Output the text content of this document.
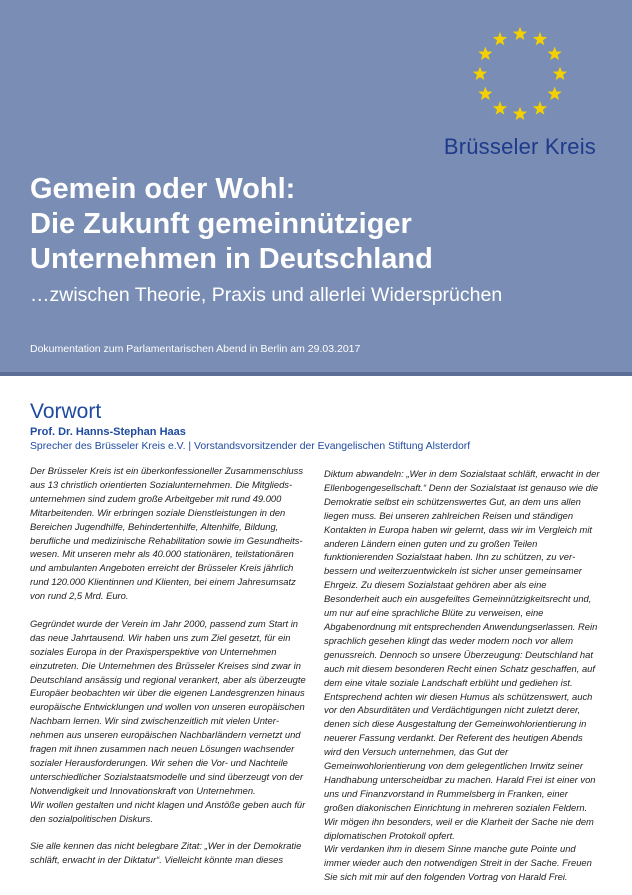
Brüsseler Kreis
Gemein oder Wohl:
Die Zukunft gemeinnütziger
Unternehmen in Deutschland
…zwischen Theorie, Praxis und allerlei Widersprüchen
Dokumentation zum Parlamentarischen Abend in Berlin am 29.03.2017
Vorwort
Prof. Dr. Hanns-Stephan Haas
Sprecher des Brüsseler Kreis e.V. | Vorstandsvorsitzender der Evangelischen Stiftung Alsterdorf

Der Brüsseler Kreis ist ein überkonfessioneller Zusammenschluss aus 13 christlich orientierten Sozialunternehmen. Die Mitgliedsunternehmen sind zudem große Arbeitgeber mit rund 49.000 Mitarbeitenden. Wir erbringen soziale Dienstleistungen in den Bereichen Jugendhilfe, Behindertenhilfe, Altenhilfe, Bildung, berufliche und medizinische Rehabilitation sowie im Gesundheitswesen. Mit unseren mehr als 40.000 stationären, teilstationären und ambulanten Angeboten erreicht der Brüsseler Kreis jährlich rund 120.000 Klientinnen und Klienten, bei einem Jahresumsatz von rund 2,5 Mrd. Euro.

Gegründet wurde der Verein im Jahr 2000, passend zum Start in das neue Jahrtausend. Wir haben uns zum Ziel gesetzt, für ein soziales Europa in der Praxisperspektive von Unternehmen einzutreten. Die Unternehmen des Brüsseler Kreises sind zwar in Deutschland ansässig und regional verankert, aber als überzeugte Europäer beobachten wir über die eigenen Landesgrenzen hinaus europäische Entwicklungen und wollen von unseren europäischen Nachbarn lernen. Wir sind zwischenzeitlich mit vielen Unternehmen aus unseren europäischen Nachbarländern vernetzt und fragen mit ihnen zusammen nach neuen Lösungen wachsender sozialer Herausforderungen. Wir sehen die Vor- und Nachteile unterschiedlicher Sozialstaatsmodelle und sind überzeugt von der Notwendigkeit und Innovationskraft von Unternehmen.

Wir wollen gestalten und nicht klagen und Anstöße geben auch für den sozialpolitischen Diskurs.

Sie alle kennen das nicht belegbare Zitat: „Wer in der Demokratie schläft, erwacht in der Diktatur“. Vielleicht könnte man dieses

Diktum abwandeln: „Wer in dem Sozialstaat schläft, erwacht in der Ellenbogengesellschaft.“ Denn der Sozialstaat ist genauso wie die Demokratie selbst ein schützenswertes Gut, an dem uns allen liegen muss. Bei unseren zahlreichen Reisen und ständigen Kontakten in Europa haben wir gelernt, dass wir im Vergleich mit anderen Ländern einen guten und zu großen Teilen funktionierenden Sozialstaat haben. Ihn zu schützen, zu verbessern und weiterzuentwickeln ist sicher unser gemeinsamer Ehrgeiz. Zu diesem Sozialstaat gehören aber als eine Besonderheit auch ein ausgefeiltes Gemeinnützigkeitsrecht und, um nur auf eine sprachliche Blüte zu verweisen, eine Abgabenordnung mit entsprechenden Anwendungserlassen. Rein sprachlich gesehen klingt das weder modern noch vor allem genussreich. Dennoch so unsere Überzeugung: Deutschland hat auch mit diesem besonderen Recht einen Schatz geschaffen, auf dem eine vitale soziale Landschaft erblüht und gediehen ist. Entsprechend achten wir diesen Humus als schützenswert, auch vor den Absurditäten und Verdächtigungen nicht zuletzt derer, denen sich diese Ausgestaltung der Gemeinwohlorientierung in neuerer Fassung verdankt. Der Referent des heutigen Abends wird den Versuch unternehmen, das Gut der Gemeinwohlorientierung von dem gelegentlichen Irrwitz seiner Handhabung unterscheidbar zu machen. Harald Frei ist einer von uns und Finanzvorstand in Rummelsberg in Franken, einer großen diakonischen Einrichtung in mehreren sozialen Feldern. Wir mögen ihn besonders, weil er die Klarheit der Sache nie dem diplomatischen Protokoll opfert.

Wir verdanken ihm in diesem Sinne manche gute Pointe und immer wieder auch den notwendigen Streit in der Sache. Freuen Sie sich mit mir auf den folgenden Vortrag von Harald Frei.
